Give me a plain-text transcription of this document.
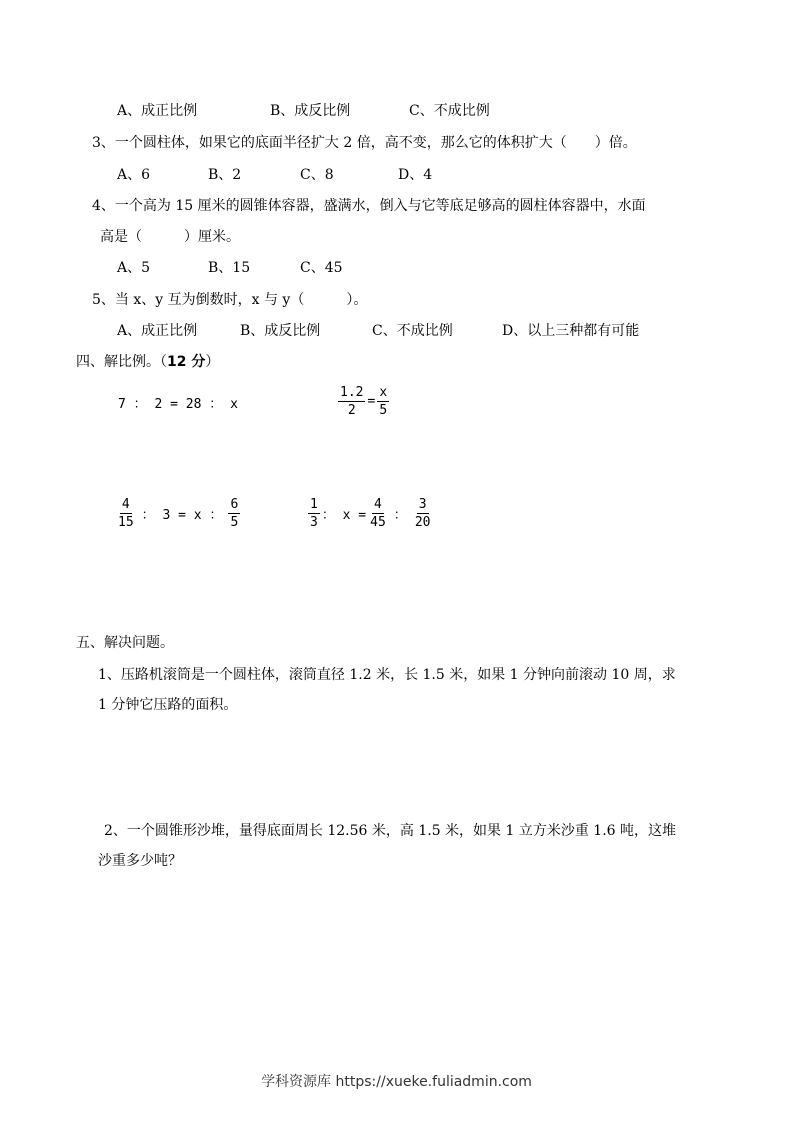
A、成正比例	B、成反比例	C、不成比例
3、一个圆柱体，如果它的底面半径扩大 2 倍，高不变，那么它的体积扩大（　　）倍。
A、6	B、2	C、8	D、4
4、一个高为 15 厘米的圆锥体容器，盛满水，倒入与它等底足够高的圆柱体容器中，水面
高是（　　　）厘米。
A、5	B、15	C、45
5、当 x、y 互为倒数时，x 与 y（　　　）。
A、成正比例	B、成反比例	C、不成比例	D、以上三种都有可能
四、解比例。（12 分）
7 ： 2 = 28 ： x	$\frac{1.2}{2} = \frac{x}{5}$
$\frac{4}{15}$ ： 3 = x ： $\frac{6}{5}$	$\frac{1}{3}$ ： $x = \frac{4}{45}$ ： $\frac{3}{20}$
五、解决问题。
1、压路机滚筒是一个圆柱体，滚筒直径 1.2 米，长 1.5 米，如果 1 分钟向前滚动 10 周，求
1 分钟它压路的面积。
2、一个圆锥形沙堆，量得底面周长 12.56 米，高 1.5 米，如果 1 立方米沙重 1.6 吨，这堆
沙重多少吨？
学科资源库 https://xueke.fuliadmin.com
